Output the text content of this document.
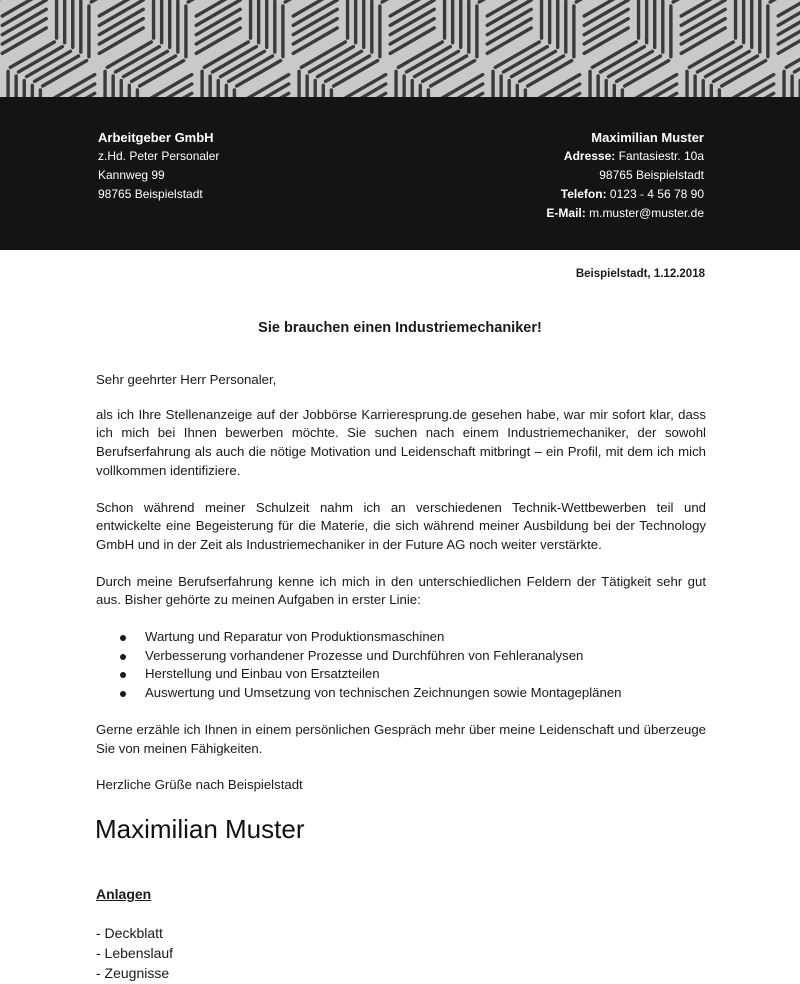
Arbeitgeber GmbH
z.Hd. Peter Personaler
Kannweg 99
98765 Beispielstadt
Maximilian Muster
Adresse: Fantasiestr. 10a
98765 Beispielstadt
Telefon: 0123 - 4 56 78 90
E-Mail: m.muster@muster.de
Beispielstadt, 1.12.2018
Sie brauchen einen Industriemechaniker!

Sehr geehrter Herr Personaler,

als ich Ihre Stellenanzeige auf der Jobbörse Karrieresprung.de gesehen habe, war mir sofort klar, dass ich mich bei Ihnen bewerben möchte. Sie suchen nach einem Industriemechaniker, der sowohl Berufserfahrung als auch die nötige Motivation und Leidenschaft mitbringt – ein Profil, mit dem ich mich vollkommen identifiziere.

Schon während meiner Schulzeit nahm ich an verschiedenen Technik-Wettbewerben teil und entwickelte eine Begeisterung für die Materie, die sich während meiner Ausbildung bei der Technology GmbH und in der Zeit als Industriemechaniker in der Future AG noch weiter verstärkte.

Durch meine Berufserfahrung kenne ich mich in den unterschiedlichen Feldern der Tätigkeit sehr gut aus. Bisher gehörte zu meinen Aufgaben in erster Linie:

Wartung und Reparatur von Produktionsmaschinen
Verbesserung vorhandener Prozesse und Durchführen von Fehleranalysen
Herstellung und Einbau von Ersatzteilen
Auswertung und Umsetzung von technischen Zeichnungen sowie Montageplänen

Gerne erzähle ich Ihnen in einem persönlichen Gespräch mehr über meine Leidenschaft und überzeuge Sie von meinen Fähigkeiten.

Herzliche Grüße nach Beispielstadt

Maximilian Muster
Anlagen
- Deckblatt
- Lebenslauf
- Zeugnisse
